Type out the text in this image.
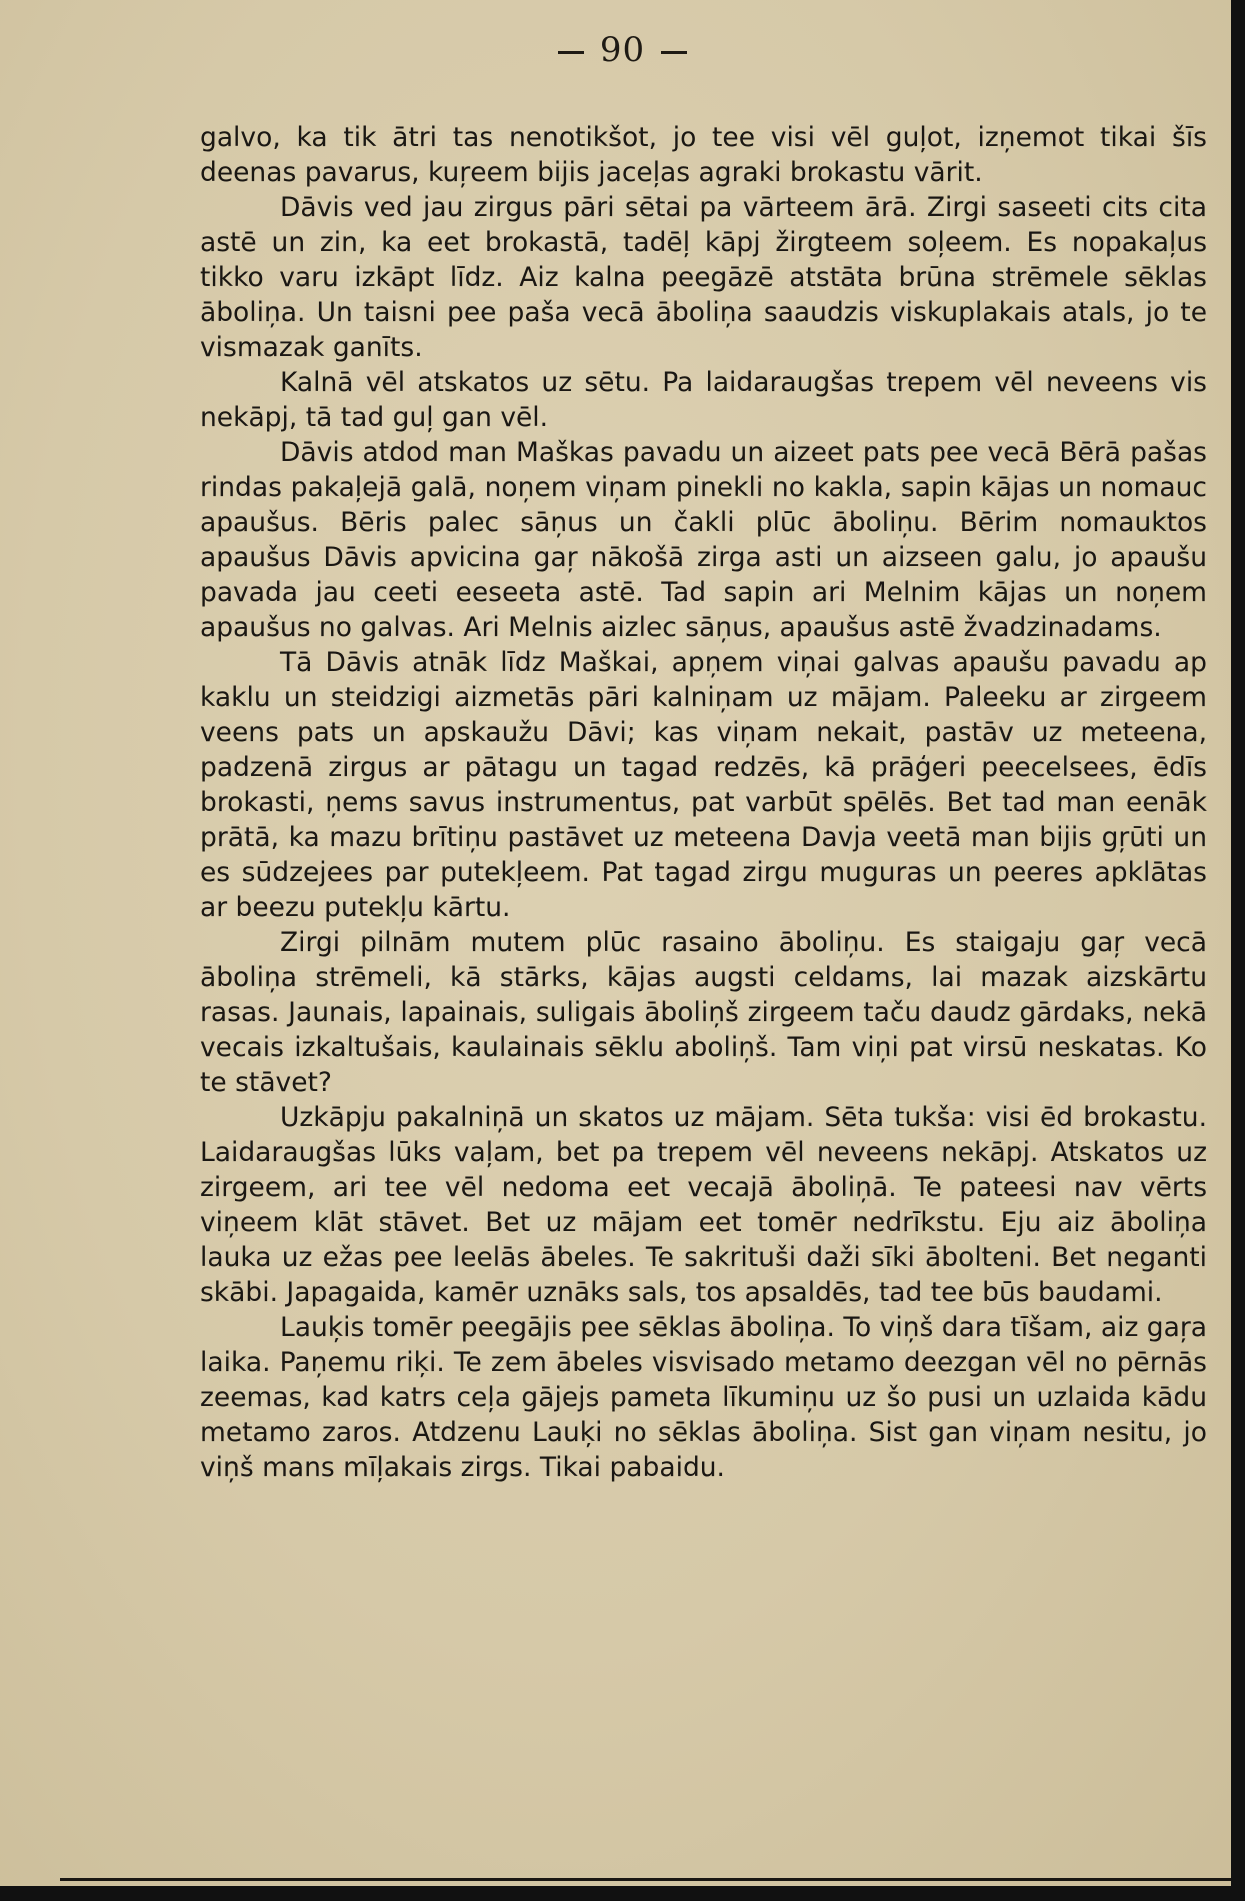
90

galvo, ka tik ātri tas nenotikšot, jo tee visi vēl guļot, izņemot tikai šīs deenas pavarus, kuŗeem bijis jaceļas agraki brokastu vārit.

Dāvis ved jau zirgus pāri sētai pa vārteem ārā. Zirgi saseeti cits cita astē un zin, ka eet brokastā, tadēļ kāpj žirgteem soļeem. Es nopakaļus tikko varu izkāpt līdz. Aiz kalna peegāzē atstāta brūna strēmele sēklas āboliņa. Un taisni pee paša vecā āboliņa saaudzis viskuplakais atals, jo te vismazak ganīts.

Kalnā vēl atskatos uz sētu. Pa laidaraugšas trepem vēl neveens vis nekāpj, tā tad guļ gan vēl.

Dāvis atdod man Maškas pavadu un aizeet pats pee vecā Bērā pašas rindas pakaļejā galā, noņem viņam pinekli no kakla, sapin kājas un nomauc apaušus. Bēris palec sāņus un čakli plūc āboliņu. Bērim nomauktos apaušus Dāvis apvicina gaŗ nākošā zirga asti un aizseen galu, jo apaušu pavada jau ceeti eeseeta astē. Tad sapin ari Melnim kājas un noņem apaušus no galvas. Ari Melnis aizlec sāņus, apaušus astē žvadzinadams.

Tā Dāvis atnāk līdz Maškai, apņem viņai galvas apaušu pavadu ap kaklu un steidzigi aizmetās pāri kalniņam uz mājam. Paleeku ar zirgeem veens pats un apskaužu Dāvi; kas viņam nekait, pastāv uz meteena, padzenā zirgus ar pātagu un tagad redzēs, kā prāģeri peecelsees, ēdīs brokasti, ņems savus instrumentus, pat varbūt spēlēs. Bet tad man eenāk prātā, ka mazu brītiņu pastāvet uz meteena Davja veetā man bijis gŗūti un es sūdzejees par putekļeem. Pat tagad zirgu muguras un peeres apklātas ar beezu putekļu kārtu.

Zirgi pilnām mutem plūc rasaino āboliņu. Es staigaju gaŗ vecā āboliņa strēmeli, kā stārks, kājas augsti celdams, lai mazak aizskārtu rasas. Jaunais, lapainais, suligais āboliņš zirgeem taču daudz gārdaks, nekā vecais izkaltušais, kaulainais sēklu aboliņš. Tam viņi pat virsū neskatas. Ko te stāvet?

Uzkāpju pakalniņā un skatos uz mājam. Sēta tukša: visi ēd brokastu. Laidaraugšas lūks vaļam, bet pa trepem vēl neveens nekāpj. Atskatos uz zirgeem, ari tee vēl nedoma eet vecajā āboliņā. Te pateesi nav vērts viņeem klāt stāvet. Bet uz mājam eet tomēr nedrīkstu. Eju aiz āboliņa lauka uz ežas pee leelās ābeles. Te sakrituši daži sīki ābolteni. Bet neganti skābi. Japagaida, kamēr uznāks sals, tos apsaldēs, tad tee būs baudami.

Lauķis tomēr peegājis pee sēklas āboliņa. To viņš dara tīšam, aiz gaŗa laika. Paņemu riķi. Te zem ābeles visvisado metamo deezgan vēl no pērnās zeemas, kad katrs ceļa gājejs pameta līkumiņu uz šo pusi un uzlaida kādu metamo zaros. Atdzenu Lauķi no sēklas āboliņa. Sist gan viņam nesitu, jo viņš mans mīļakais zirgs. Tikai pabaidu.
